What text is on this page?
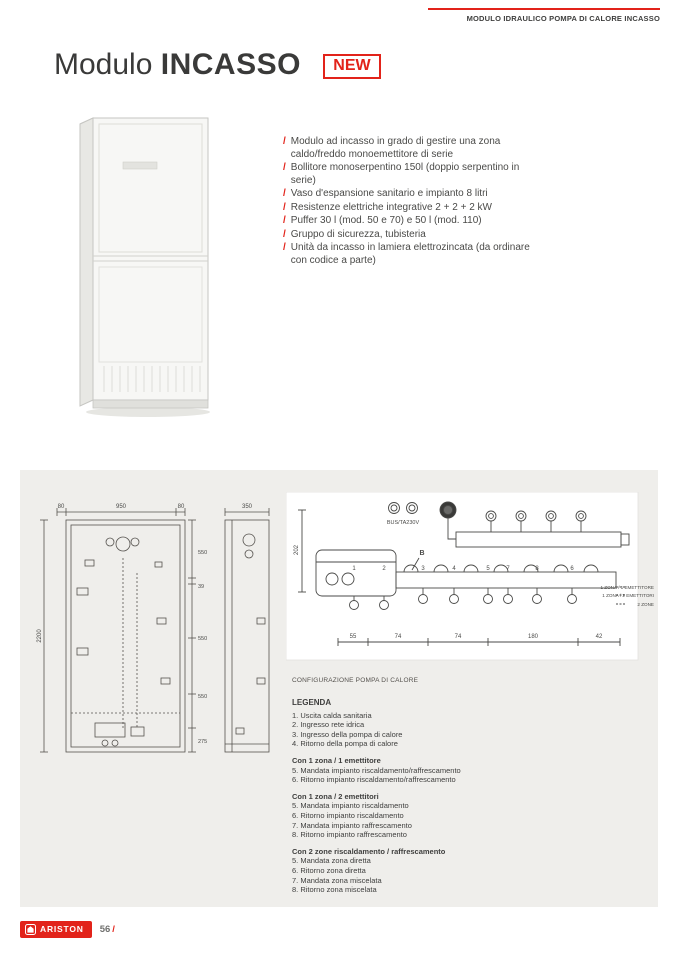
MODULO IDRAULICO POMPA DI CALORE INCASSO
Modulo INCASSO NEW
/ Modulo ad incasso in grado di gestire una zona caldo/freddo monoemettitore di serie
/ Bollitore monoserpentino 150l (doppio serpentino in serie)
/ Vaso d'espansione sanitario e impianto 8 litri
/ Resistenze elettriche integrative 2 + 2 + 2 kW
/ Puffer 30 l (mod. 50 e 70) e 50 l (mod. 110)
/ Gruppo di sicurezza, tubisteria
/ Unità da incasso in lamiera elettrozincata (da ordinare con codice a parte)
80	950	80
2200
550
39
550
550
275
350
BUS/TA230V
202	B
1	2	3	4	5	7	8	6
1 ZONA / 1 EMETTITORE
1 ZONA / 2 EMETTITORI
2 ZONE
55	74	74	180	42
CONFIGURAZIONE POMPA DI CALORE
LEGENDA
1. Uscita calda sanitaria
2. Ingresso rete idrica
3. Ingresso della pompa di calore
4. Ritorno della pompa di calore
Con 1 zona / 1 emettitore
5. Mandata impianto riscaldamento/raffrescamento
6. Ritorno impianto riscaldamento/raffrescamento
Con 1 zona / 2 emettitori
5. Mandata impianto riscaldamento
6. Ritorno impianto riscaldamento
7. Mandata impianto raffrescamento
8. Ritorno impianto raffrescamento
Con 2 zone riscaldamento / raffrescamento
5. Mandata zona diretta
6. Ritorno zona diretta
7. Mandata zona miscelata
8. Ritorno zona miscelata
ARISTON 56 /
